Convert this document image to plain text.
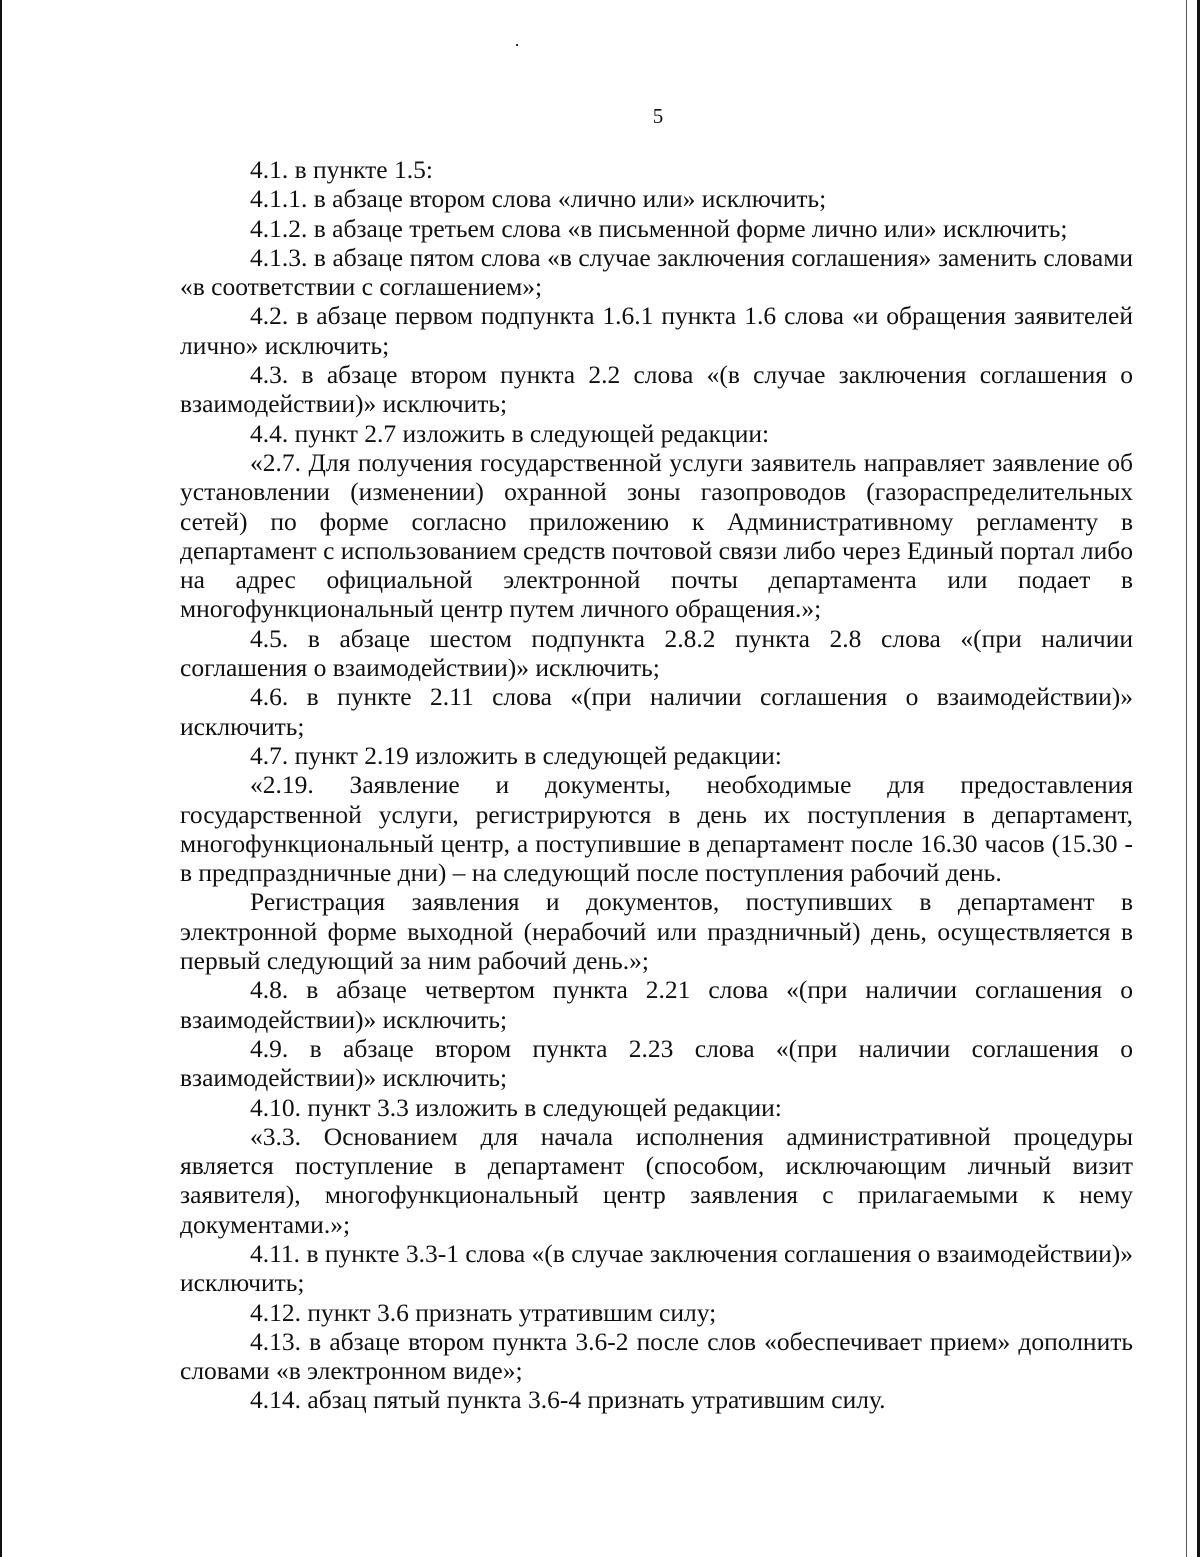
5

4.1. в пункте 1.5:

4.1.1. в абзаце втором слова «лично или» исключить;

4.1.2. в абзаце третьем слова «в письменной форме лично или» исключить;

4.1.3. в абзаце пятом слова «в случае заключения соглашения» заменить словами «в соответствии с соглашением»;

4.2. в абзаце первом подпункта 1.6.1 пункта 1.6 слова «и обращения заявителей лично» исключить;

4.3. в абзаце втором пункта 2.2 слова «(в случае заключения соглашения о взаимодействии)» исключить;

4.4. пункт 2.7 изложить в следующей редакции:

«2.7. Для получения государственной услуги заявитель направляет заявление об установлении (изменении) охранной зоны газопроводов (газораспределительных сетей) по форме согласно приложению к Административному регламенту в департамент с использованием средств почтовой связи либо через Единый портал либо на адрес официальной электронной почты департамента или подает в многофункциональный центр путем личного обращения.»;

4.5. в абзаце шестом подпункта 2.8.2 пункта 2.8 слова «(при наличии соглашения о взаимодействии)» исключить;

4.6. в пункте 2.11 слова «(при наличии соглашения о взаимодействии)» исключить;

4.7. пункт 2.19 изложить в следующей редакции:

«2.19. Заявление и документы, необходимые для предоставления государственной услуги, регистрируются в день их поступления в департамент, многофункциональный центр, а поступившие в департамент после 16.30 часов (15.30 - в предпраздничные дни) – на следующий после поступления рабочий день.

Регистрация заявления и документов, поступивших в департамент в электронной форме выходной (нерабочий или праздничный) день, осуществляется в первый следующий за ним рабочий день.»;

4.8. в абзаце четвертом пункта 2.21 слова «(при наличии соглашения о взаимодействии)» исключить;

4.9. в абзаце втором пункта 2.23 слова «(при наличии соглашения о взаимодействии)» исключить;

4.10. пункт 3.3 изложить в следующей редакции:

«3.3. Основанием для начала исполнения административной процедуры является поступление в департамент (способом, исключающим личный визит заявителя), многофункциональный центр заявления с прилагаемыми к нему документами.»;

4.11. в пункте 3.3-1 слова «(в случае заключения соглашения о взаимодействии)» исключить;

4.12. пункт 3.6 признать утратившим силу;

4.13. в абзаце втором пункта 3.6-2 после слов «обеспечивает прием» дополнить словами «в электронном виде»;

4.14. абзац пятый пункта 3.6-4 признать утратившим силу.
